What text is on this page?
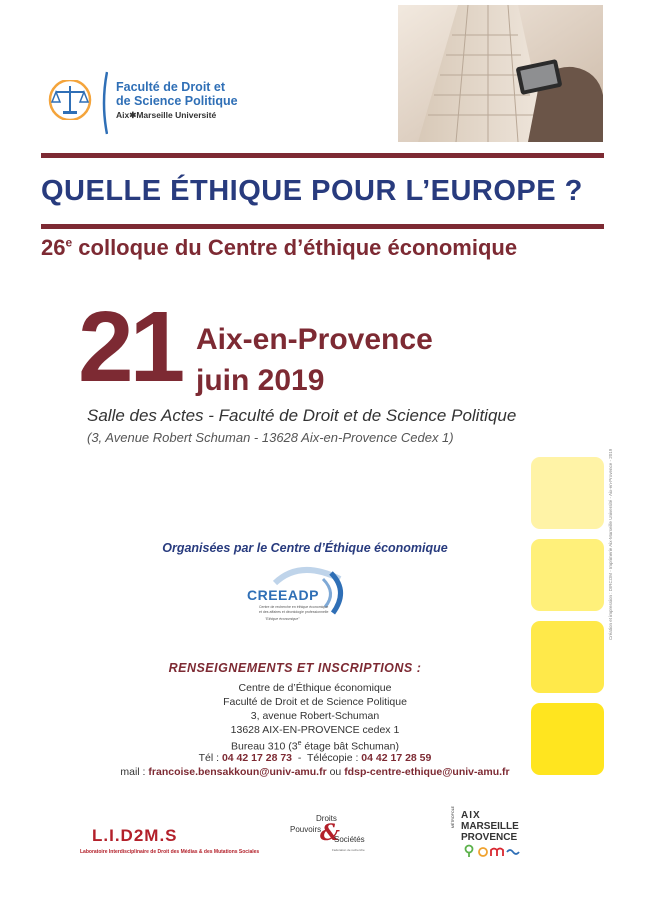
Faculté de Droit et
de Science Politique
Aix✱Marseille Université
QUELLE ÉTHIQUE POUR L’EUROPE ?
26e colloque du Centre d’éthique économique
21 Aix-en-Provence
juin 2019
Salle des Actes - Faculté de Droit et de Science Politique
(3, Avenue Robert Schuman - 13628 Aix-en-Provence Cedex 1)
Organisées par le Centre d’Éthique économique
CREEADP
Centre de recherche en éthique économique
et des affaires et déontologie professionnelle
"Ethique économique"
RENSEIGNEMENTS ET INSCRIPTIONS :
Centre de d’Éthique économique
Faculté de Droit et de Science Politique
3, avenue Robert-Schuman
13628 AIX-EN-PROVENCE cedex 1
Bureau 310 (3e étage bât Schuman)
Tél : 04 42 17 28 73  -  Télécopie : 04 42 17 28 59
mail : francoise.bensakkoun@univ-amu.fr ou fdsp-centre-ethique@univ-amu.fr
L.I.D2M.S
Laboratoire Interdisciplinaire de Droit des Médias & des Mutations Sociales
Droits
Pouvoirs
&
Sociétés
Fédération de recherche
MÉTROPOLE AIX
MARSEILLE
PROVENCE
Création et impression : DIRCOM - Imprimerie Aix-Marseille Université - Aix-en-Provence - 2019
